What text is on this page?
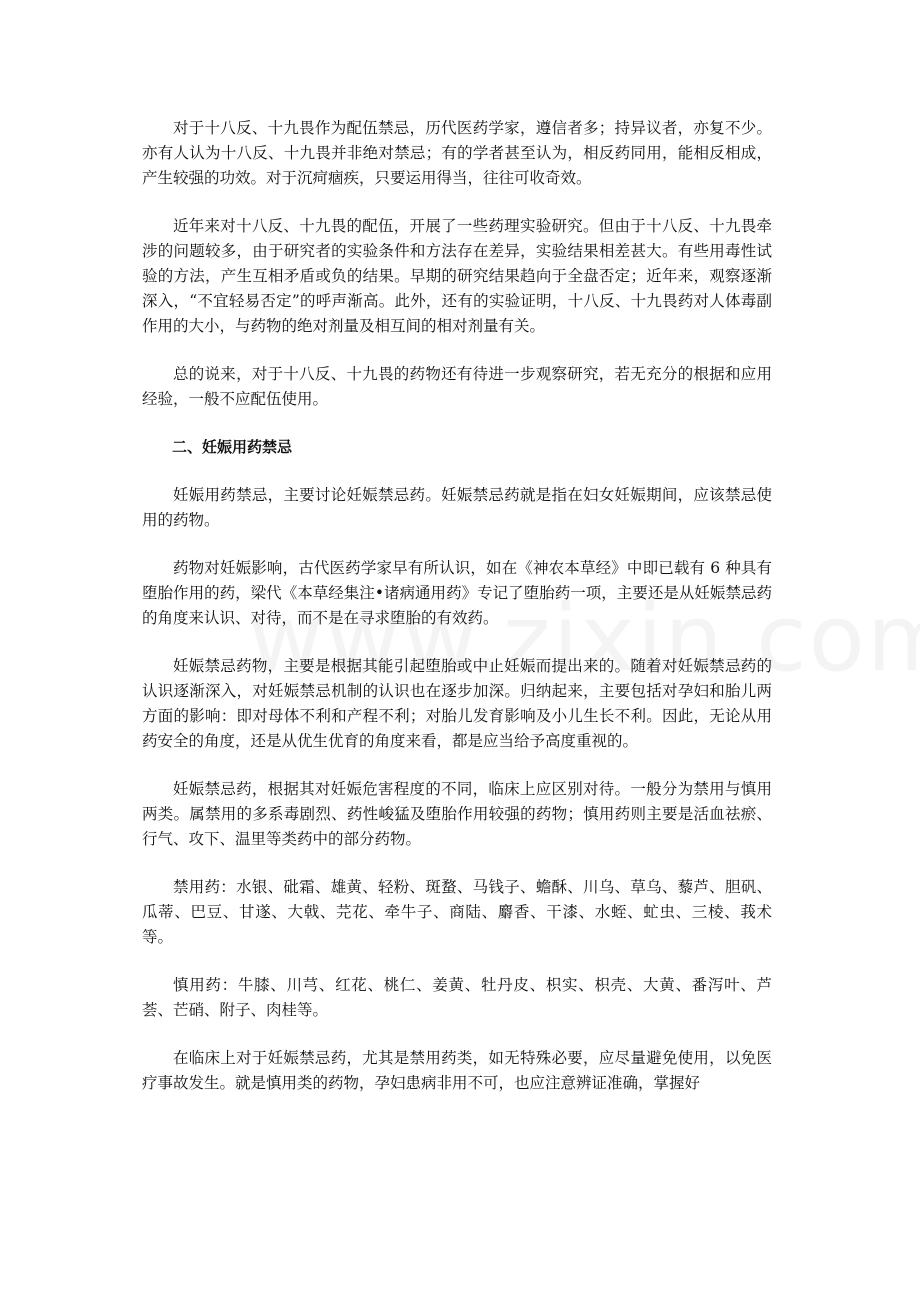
对于十八反、十九畏作为配伍禁忌，历代医药学家，遵信者多；持异议者，亦复不少。亦有人认为十八反、十九畏并非绝对禁忌；有的学者甚至认为，相反药同用，能相反相成，产生较强的功效。对于沉疴痼疾，只要运用得当，往往可收奇效。

近年来对十八反、十九畏的配伍，开展了一些药理实验研究。但由于十八反、十九畏牵涉的问题较多，由于研究者的实验条件和方法存在差异，实验结果相差甚大。有些用毒性试验的方法，产生互相矛盾或负的结果。早期的研究结果趋向于全盘否定；近年来，观察逐渐深入，“不宜轻易否定”的呼声渐高。此外，还有的实验证明，十八反、十九畏药对人体毒副作用的大小，与药物的绝对剂量及相互间的相对剂量有关。

总的说来，对于十八反、十九畏的药物还有待进一步观察研究，若无充分的根据和应用经验，一般不应配伍使用。

二、妊娠用药禁忌

妊娠用药禁忌，主要讨论妊娠禁忌药。妊娠禁忌药就是指在妇女妊娠期间，应该禁忌使用的药物。

药物对妊娠影响，古代医药学家早有所认识，如在《神农本草经》中即已载有 6 种具有堕胎作用的药，梁代《本草经集注•诸病通用药》专记了堕胎药一项，主要还是从妊娠禁忌药的角度来认识、对待，而不是在寻求堕胎的有效药。

妊娠禁忌药物，主要是根据其能引起堕胎或中止妊娠而提出来的。随着对妊娠禁忌药的认识逐渐深入，对妊娠禁忌机制的认识也在逐步加深。归纳起来，主要包括对孕妇和胎儿两方面的影响：即对母体不利和产程不利；对胎儿发育影响及小儿生长不利。因此，无论从用药安全的角度，还是从优生优育的角度来看，都是应当给予高度重视的。

妊娠禁忌药，根据其对妊娠危害程度的不同，临床上应区别对待。一般分为禁用与慎用两类。属禁用的多系毒剧烈、药性峻猛及堕胎作用较强的药物；慎用药则主要是活血祛瘀、行气、攻下、温里等类药中的部分药物。

禁用药：水银、砒霜、雄黄、轻粉、斑蝥、马钱子、蟾酥、川乌、草乌、藜芦、胆矾、瓜蒂、巴豆、甘遂、大戟、芫花、牵牛子、商陆、麝香、干漆、水蛭、虻虫、三棱、莪术等。

慎用药：牛膝、川芎、红花、桃仁、姜黄、牡丹皮、枳实、枳壳、大黄、番泻叶、芦荟、芒硝、附子、肉桂等。

在临床上对于妊娠禁忌药，尤其是禁用药类，如无特殊必要，应尽量避免使用，以免医疗事故发生。就是慎用类的药物，孕妇患病非用不可，也应注意辨证准确，掌握好
